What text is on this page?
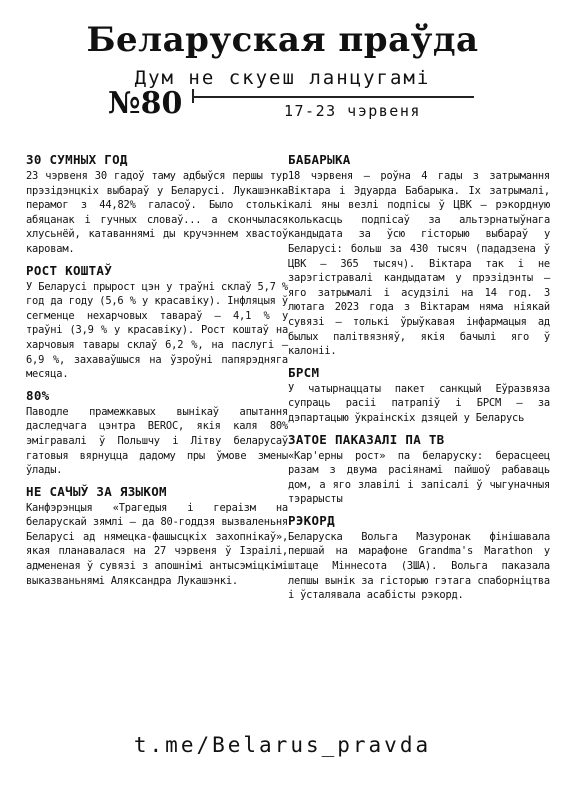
Беларуская праўда
Дум не скуеш ланцугамі
№80	17-23 чэрвеня
30 СУМНЫХ ГОД

23 чэрвеня 30 гадоў таму адбыўся першы тур прэзідэнцкіх выбараў у Беларусі. Лукашэнка перамог з 44,82% галасоў. Было столькі абяцанак і гучных словаў... а скончылася хлусьнёй, катаваннямі ды кручэннем хвастоў каровам.

РОСТ КОШТАЎ

У Беларусі прырост цэн у траўні склаў 5,7 % год да году (5,6 % у красавіку). Інфляцыя ў сегменце нехарчовых тавараў — 4,1 % у траўні (3,9 % у красавіку). Рост коштаў на харчовыя тавары склаў 6,2 %, на паслугі — 6,9 %, захаваўшыся на ўзроўні папярэдняга месяца.

80%

Паводле прамежкавых вынікаў апытання даследчага цэнтра BEROC, якія каля 80% эмігравалі ў Польшчу і Літву беларусаў гатовыя вярнуцца дадому пры ўмове змены ўлады.

НЕ САЧЫЎ ЗА ЯЗЫКОМ

Канфэрэнцыя «Трагедыя і гераізм на беларускай зямлі — да 80-годдзя вызваленьня Беларусі ад нямецка-фашысцкіх захопнікаў», якая планавалася на 27 чэрвеня ў Ізраілі, адмененая ў сувязі з апошнімі антысэміцкімі выказваньнямі Аляксандра Лукашэнкі.

БАБАРЫКА

18 чэрвеня — роўна 4 гады з затрымання Віктара і Эдуарда Бабарыка. Іх затрымалі, калі яны везлі подпісы ў ЦВК — рэкордную колькасць подпісаў за альтэрнатыўнага кандыдата за ўсю гісторыю выбараў у Беларусі: больш за 430 тысяч (пададзена ў ЦВК — 365 тысяч). Віктара так і не зарэгістравалі кандыдатам у прэзідэнты — яго затрымалі і асудзілі на 14 год. З лютага 2023 года з Віктарам няма ніякай сувязі — толькі ўрыўкавая інфармацыя ад былых палітвязняў, якія бачылі яго ў калоніі.

БРСМ

У чатырнаццаты пакет санкцый Еўразвяза супраць расіі патрапіў і БРСМ — за дэпартацыю ўкраінскіх дзяцей у Беларусь

ЗАТОЕ ПАКАЗАЛІ ПА ТВ

«Кар'ерны рост» па беларуску: берасцеец разам з двума расіянамі пайшоў рабаваць дом, а яго злавілі і запісалі ў чыгуначныя тэрарысты

РЭКОРД

Беларуска Вольга Мазуронак фінішавала першай на марафоне Grandma's Marathon у штаце Міннесота (ЗША). Вольга паказала лепшы вынік за гісторыю гэтага спаборніцтва і ўсталявала асабісты рэкорд.

t.me/Belarus_pravda
